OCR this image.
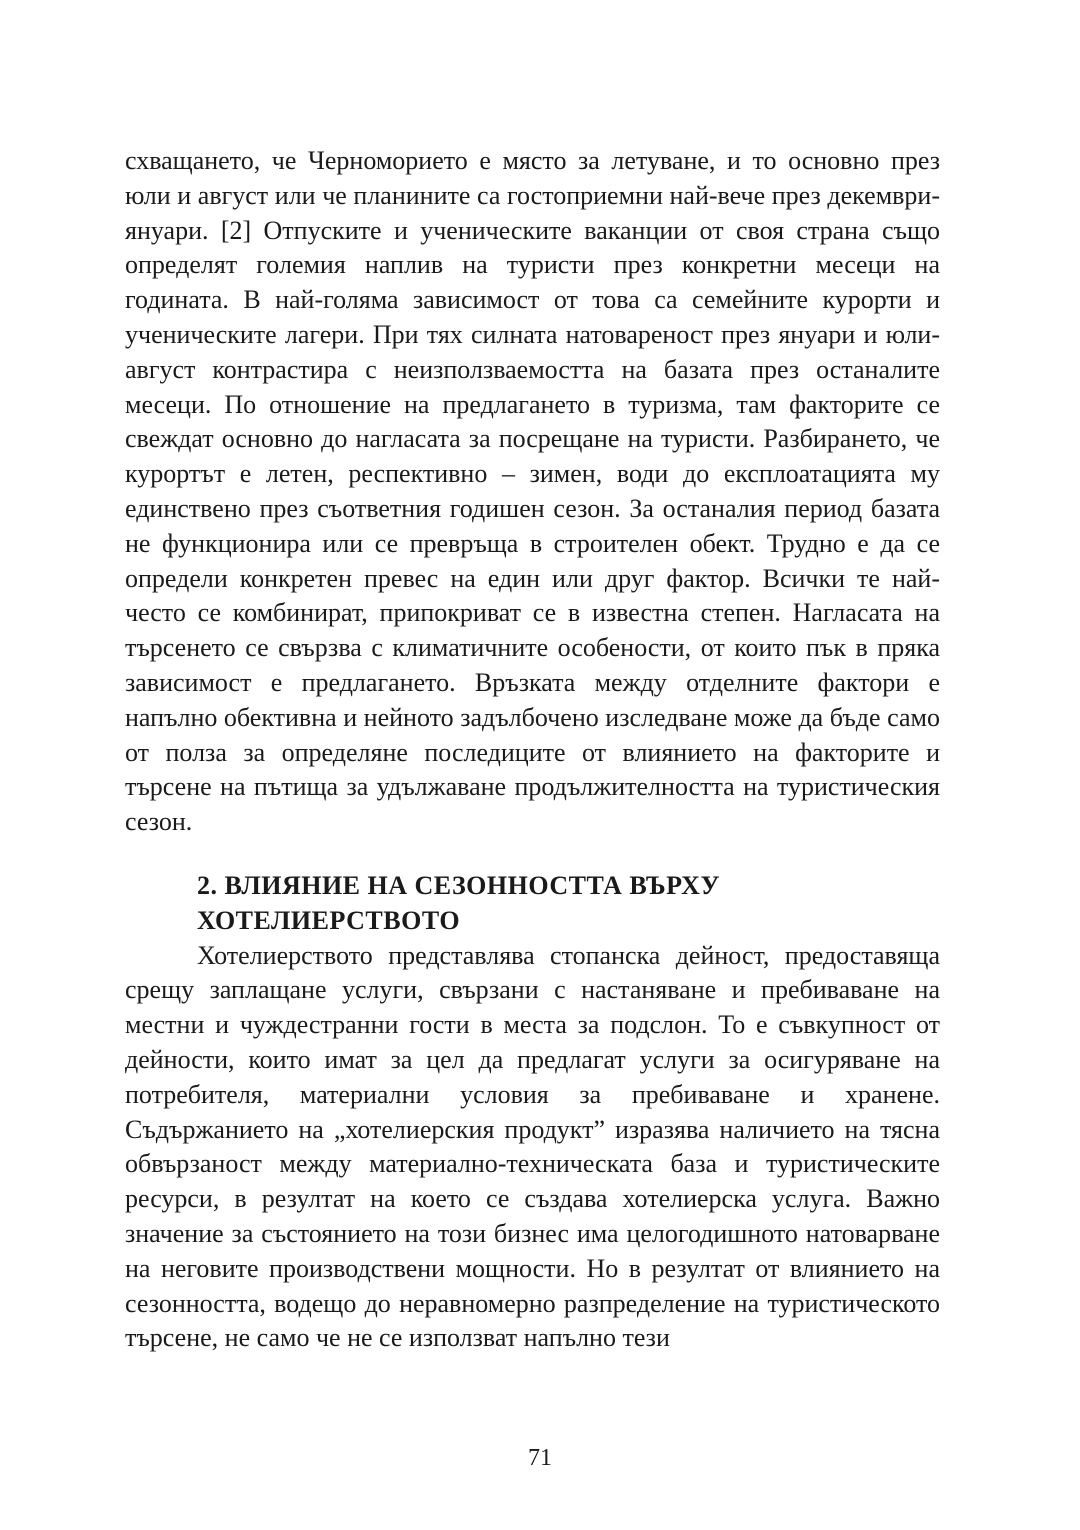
схващането, че Черноморието е място за летуване, и то основно през юли и август или че планините са гостоприемни най-вече през декември-януари. [2] Отпуските и ученическите ваканции от своя страна също определят големия наплив на туристи през конкретни месеци на годината. В най-голяма зависимост от това са семейните курорти и ученическите лагери. При тях силната натовареност през януари и юли-август контрастира с неизползваемостта на базата през останалите месеци. По отношение на предлагането в туризма, там факторите се свеждат основно до нагласата за посрещане на туристи. Разбирането, че курортът е летен, респективно – зимен, води до експлоатацията му единствено през съответния годишен сезон. За останалия период базата не функционира или се превръща в строителен обект. Трудно е да се определи конкретен превес на един или друг фактор. Всички те най-често се комбинират, припокриват се в известна степен. Нагласата на търсенето се свързва с климатичните особености, от които пък в пряка зависимост е предлагането. Връзката между отделните фактори е напълно обективна и нейното задълбочено изследване може да бъде само от полза за определяне последиците от влиянието на факторите и търсене на пътища за удължаване продължителността на туристическия сезон.

2. ВЛИЯНИЕ НА СЕЗОННОСТТА ВЪРХУ
ХОТЕЛИЕРСТВОТО

Хотелиерството представлява стопанска дейност, предоставяща срещу заплащане услуги, свързани с настаняване и пребиваване на местни и чуждестранни гости в места за подслон. То е съвкупност от дейности, които имат за цел да предлагат услуги за осигуряване на потребителя, материални условия за пребиваване и хранене. Съдържанието на „хотелиерския продукт” изразява наличието на тясна обвързаност между материално-техническата база и туристическите ресурси, в резултат на което се създава хотелиерска услуга. Важно значение за състоянието на този бизнес има целогодишното натоварване на неговите производствени мощности. Но в резултат от влиянието на сезонността, водещо до неравномерно разпределение на туристическото търсене, не само че не се използват напълно тези

71
